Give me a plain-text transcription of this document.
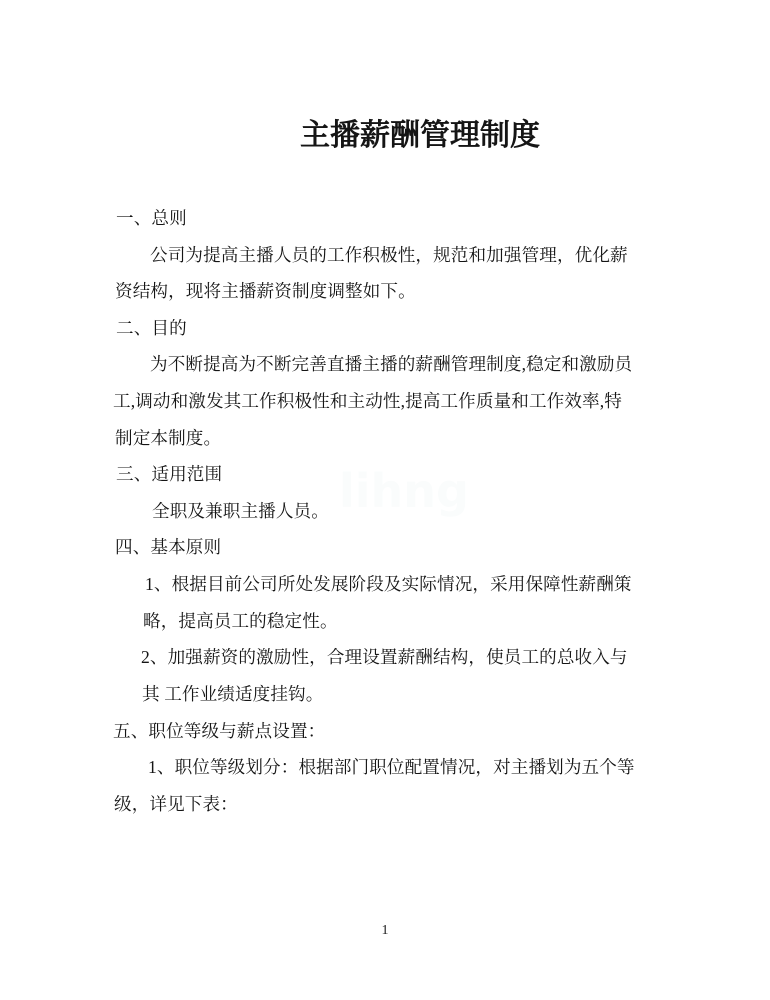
lihng
主播薪酬管理制度
一、总则
公司为提高主播人员的工作积极性，规范和加强管理，优化薪
资结构，现将主播薪资制度调整如下。
二、目的
为不断提高为不断完善直播主播的薪酬管理制度,稳定和激励员
工,调动和激发其工作积极性和主动性,提高工作质量和工作效率,特
制定本制度。
三、适用范围
全职及兼职主播人员。
四、基本原则
1、根据目前公司所处发展阶段及实际情况，采用保障性薪酬策
略，提高员工的稳定性。
2、加强薪资的激励性，合理设置薪酬结构，使员工的总收入与
其 工作业绩适度挂钩。
五、职位等级与薪点设置：
1、职位等级划分：根据部门职位配置情况，对主播划为五个等
级，详见下表：
1
